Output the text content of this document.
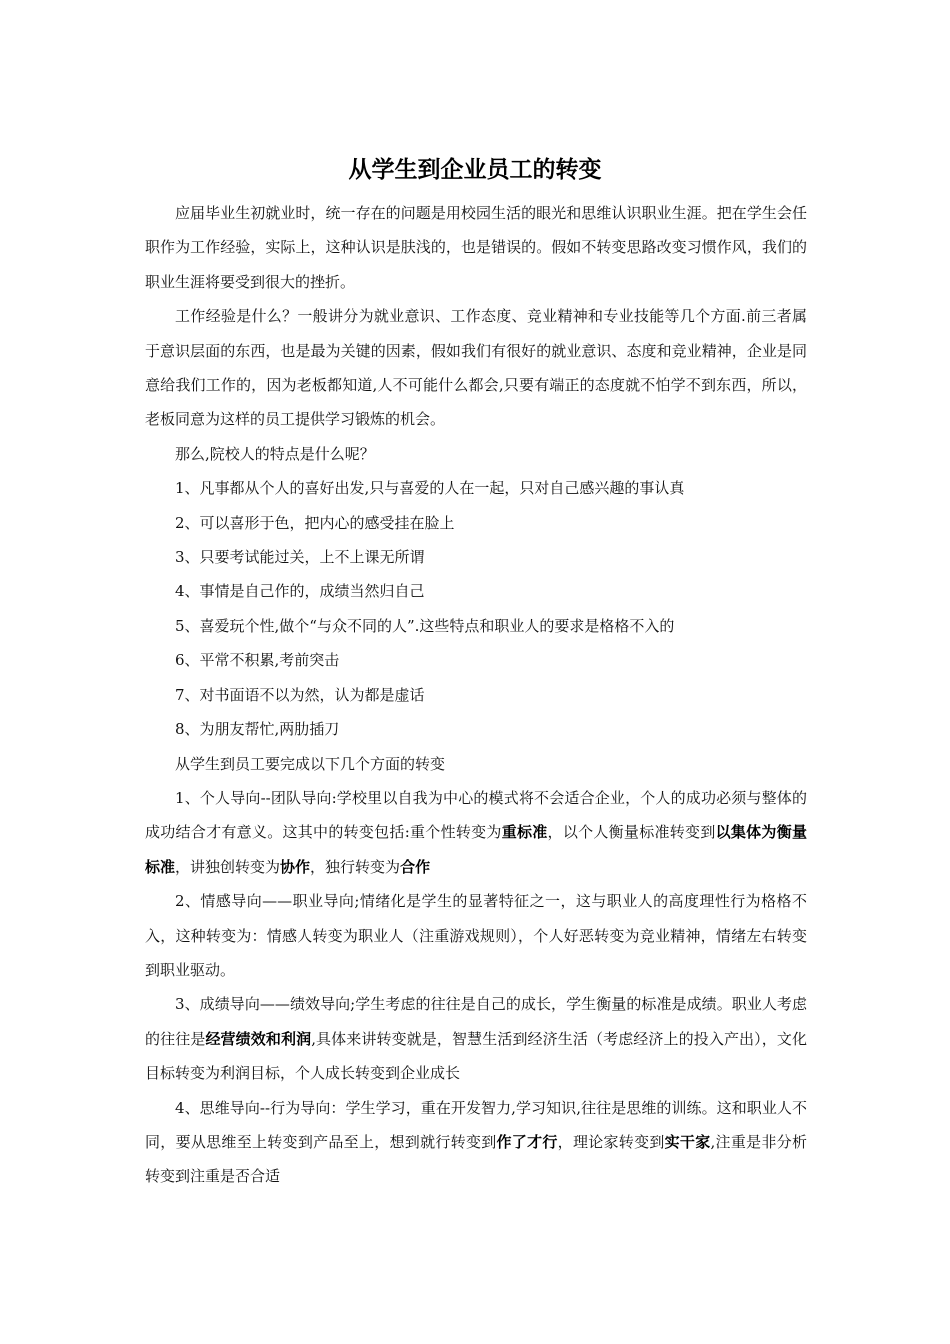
从学生到企业员工的转变

应届毕业生初就业时，统一存在的问题是用校园生活的眼光和思维认识职业生涯。把在学生会任职作为工作经验，实际上，这种认识是肤浅的，也是错误的。假如不转变思路改变习惯作风，我们的职业生涯将要受到很大的挫折。

工作经验是什么？一般讲分为就业意识、工作态度、竞业精神和专业技能等几个方面.前三者属于意识层面的东西，也是最为关键的因素，假如我们有很好的就业意识、态度和竞业精神，企业是同意给我们工作的，因为老板都知道,人不可能什么都会,只要有端正的态度就不怕学不到东西，所以，老板同意为这样的员工提供学习锻炼的机会。

那么,院校人的特点是什么呢？

1、凡事都从个人的喜好出发,只与喜爱的人在一起，只对自己感兴趣的事认真

2、可以喜形于色，把内心的感受挂在脸上

3、只要考试能过关，上不上课无所谓

4、事情是自己作的，成绩当然归自己

5、喜爱玩个性,做个“与众不同的人”.这些特点和职业人的要求是格格不入的

6、平常不积累,考前突击

7、对书面语不以为然，认为都是虚话

8、为朋友帮忙,两肋插刀

从学生到员工要完成以下几个方面的转变

1、个人导向--团队导向:学校里以自我为中心的模式将不会适合企业，个人的成功必须与整体的成功结合才有意义。这其中的转变包括:重个性转变为重标准，以个人衡量标准转变到以集体为衡量标准，讲独创转变为协作，独行转变为合作

2、情感导向——职业导向;情绪化是学生的显著特征之一，这与职业人的高度理性行为格格不入，这种转变为：情感人转变为职业人（注重游戏规则），个人好恶转变为竞业精神，情绪左右转变到职业驱动。

3、成绩导向——绩效导向;学生考虑的往往是自己的成长，学生衡量的标准是成绩。职业人考虑的往往是经营绩效和利润,具体来讲转变就是，智慧生活到经济生活（考虑经济上的投入产出），文化目标转变为利润目标，个人成长转变到企业成长

4、思维导向--行为导向：学生学习，重在开发智力,学习知识,往往是思维的训练。这和职业人不同，要从思维至上转变到产品至上，想到就行转变到作了才行，理论家转变到实干家,注重是非分析转变到注重是否合适
